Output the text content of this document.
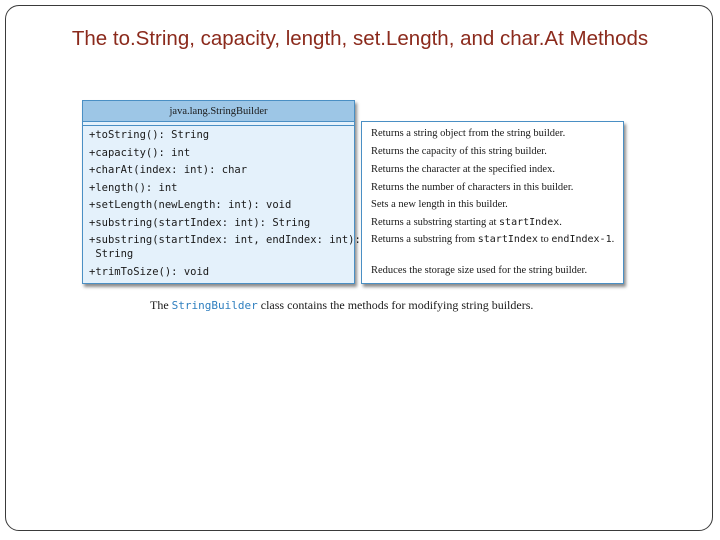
The to.String, capacity, length, set.Length, and char.At Methods
java.lang.StringBuilder
+toString(): String
+capacity(): int
+charAt(index: int): char
+length(): int
+setLength(newLength: int): void
+substring(startIndex: int): String
+substring(startIndex: int, endIndex: int):
String
+trimToSize(): void
Returns a string object from the string builder.
Returns the capacity of this string builder.
Returns the character at the specified index.
Returns the number of characters in this builder.
Sets a new length in this builder.
Returns a substring starting at startIndex.
Returns a substring from startIndex to endIndex-1.
Reduces the storage size used for the string builder.
The StringBuilder class contains the methods for modifying string builders.
